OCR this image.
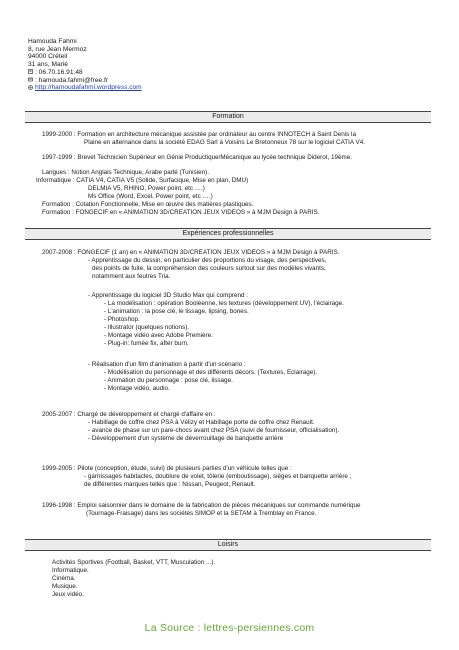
Hamouda Fahmi
8, rue Jean Mermoz
94000 Créteil
31 ans, Marié
: 06.70.16.91.48
: hamouda.fahmi@free.fr
http://hamoudafahmi.wordpress.com
Formation
1999-2000 : Formation en architecture mécanique assistée par ordinateur au centre INNOTECH à Saint Denis la
Plaine en alternance dans la société EDAG Sarl à Voisins Le Bretonneux 78 sur le logiciel CATIA V4.
1997-1999 : Brevet Technicien Supérieur en Génie Productique/Mécanique au lycée technique Diderot, 19ème.
Langues : Notion Anglais Technique, Arabe parlé (Tunisien).
Informatique : CATIA V4, CATIA V5 (Solide, Surfacique, Mise en plan, DMU)
DELMIA V5, RHINO, Power point, etc ….)
Ms Office (Word, Excel, Power point, etc ….)
Formation : Cotation Fonctionnelle, Mise en œuvre des matières plastiques.
Formation : FONGECIF en « ANIMATION 3D/CREATION JEUX VIDEOS » à MJM Design à PARIS.
Expériences professionnelles
2007-2008 : FONGECIF (1 an) en « ANIMATION 3D/CREATION JEUX VIDEOS » à MJM Design à PARIS.
- Apprentissage du dessin, en particulier des proportions du visage, des perspectives,
des points de fuite, la compréhension des couleurs surtout sur des modèles vivants,
notamment aux feutres Tria.
- Apprentissage du logiciel 3D Studio Max qui comprend :
- La modélisation : opération Booléenne, les textures (développement UV), l'éclairage.
- L'animation : la pose clé, le lissage, lipsing, bones.
- Photoshop.
- Illustrator (quelques notions).
- Montage vidéo avec Adobe Première.
- Plug-in: fumée fix, after burn.
- Réalisation d'un film d'animation à partir d'un scénario :
- Modélisation du personnage et des différents décors. (Textures, Eclairage).
- Animation du personnage : pose clé, lissage.
- Montage vidéo, audio.
2005-2007 : Chargé de développement et chargé d'affaire en :
- Habillage de coffre chez PSA à Vélizy et Habillage porte de coffre chez Renault.
- avance de phase sur un pare-chocs avant chez PSA (suivi de fournisseur, officialisation).
- Développement d'un système de déverrouillage de banquette arrière
1999-2005 : Pilote (conception, étude, suivi) de plusieurs parties d'un véhicule telles que :
- garnissages habitacles, doublure de volet, tôlerie (emboutissage), sièges et banquette arrière ;
de différentes marques telles que : Nissan, Peugeot, Renault.
1996-1998 : Emploi saisonnier dans le domaine de la fabrication de pièces mécaniques sur commande numérique
(Tournage-Fraisage) dans les sociétés SIMOP et la SETAM à Tremblay en France.
Loisirs
Activités Sportives (Football, Basket, VTT, Musculation ...).
Informatique.
Cinéma.
Musique.
Jeux vidéo.
La Source : lettres-persiennes.com
